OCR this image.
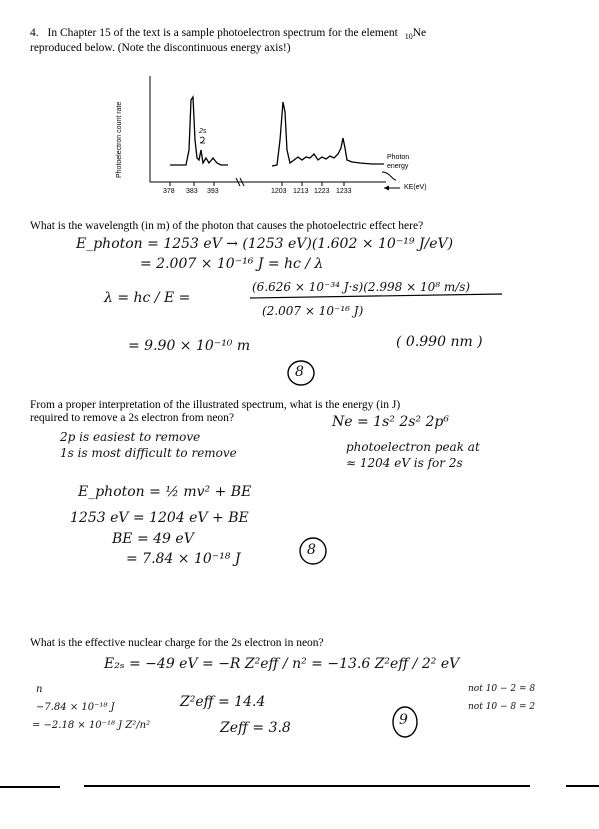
4. In Chapter 15 of the text is a sample photoelectron spectrum for the element $_{10}$Ne
reproduced below. (Note the discontinuous energy axis!)
Photoelectron count rate	Photon
energy
KE(eV)
378 383 393	1203 1213 1223 1233
2s
What is the wavelength (in m) of the photon that causes the photoelectric effect here?
E_photon = 1253 eV → (1253 eV)(1.602 × 10⁻¹⁹ J/eV)
= 2.007 × 10⁻¹⁶ J = hc / λ
λ = hc / E =
(6.626 × 10⁻³⁴ J·s)(2.998 × 10⁸ m/s)
(2.007 × 10⁻¹⁶ J)
= 9.90 × 10⁻¹⁰ m	( 0.990 nm )
8
From a proper interpretation of the illustrated spectrum, what is the energy (in J)
required to remove a 2s electron from neon?	Ne = 1s² 2s² 2p⁶
2p is easiest to remove
1s is most difficult to remove	photoelectron peak at
≈ 1204 eV is for 2s
E_photon = ½ mv² + BE
1253 eV = 1204 eV + BE
BE = 49 eV
= 7.84 × 10⁻¹⁸ J
8
What is the effective nuclear charge for the 2s electron in neon?
E₂ₛ = −49 eV = −R Z²eff / n² = −13.6 Z²eff / 2² eV
n
−7.84 × 10⁻¹⁸ J
= −2.18 × 10⁻¹⁸ J Z²/n²
Z²eff = 14.4
Zeff = 3.8
not 10 − 2 = 8
not 10 − 8 = 2
9
